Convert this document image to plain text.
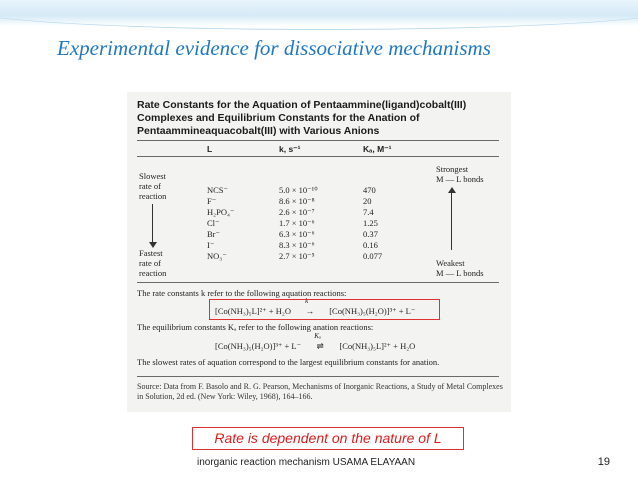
Experimental evidence for dissociative mechanisms
Rate Constants for the Aquation of Pentaammine(ligand)cobalt(III)
Complexes and Equilibrium Constants for the Anation of
Pentaammineaquacobalt(III) with Various Anions
L	k, s⁻¹	Kₐ, M⁻¹
Slowest
rate of
reaction
Fastest
rate of
reaction
NCS⁻	5.0 × 10⁻¹⁰	470
F⁻	8.6 × 10⁻⁸	20
H₂PO₄⁻	2.6 × 10⁻⁷	7.4
Cl⁻	1.7 × 10⁻⁶	1.25
Br⁻	6.3 × 10⁻⁶	0.37
I⁻	8.3 × 10⁻⁶	0.16
NO₃⁻	2.7 × 10⁻⁵	0.077
Strongest
M — L bonds
Weakest
M — L bonds
The rate constants k refer to the following aquation reactions:
[Co(NH₃)₅L]²⁺ + H₂O
k
→ [Co(NH₃)₅(H₂O)]³⁺ + L⁻
The equilibrium constants Kₐ refer to the following anation reactions:
[Co(NH₃)₅(H₂O)]³⁺ + L⁻
Kₐ
⇌ [Co(NH₃)₅L]²⁺ + H₂O
The slowest rates of aquation correspond to the largest equilibrium constants for anation.
Source: Data from F. Basolo and R. G. Pearson, Mechanisms of Inorganic Reactions, a Study of Metal Complexes in Solution, 2d ed. (New York: Wiley, 1968), 164–166.
Rate is dependent on the nature of L
inorganic reaction mechanism USAMA ELAYAAN	19
